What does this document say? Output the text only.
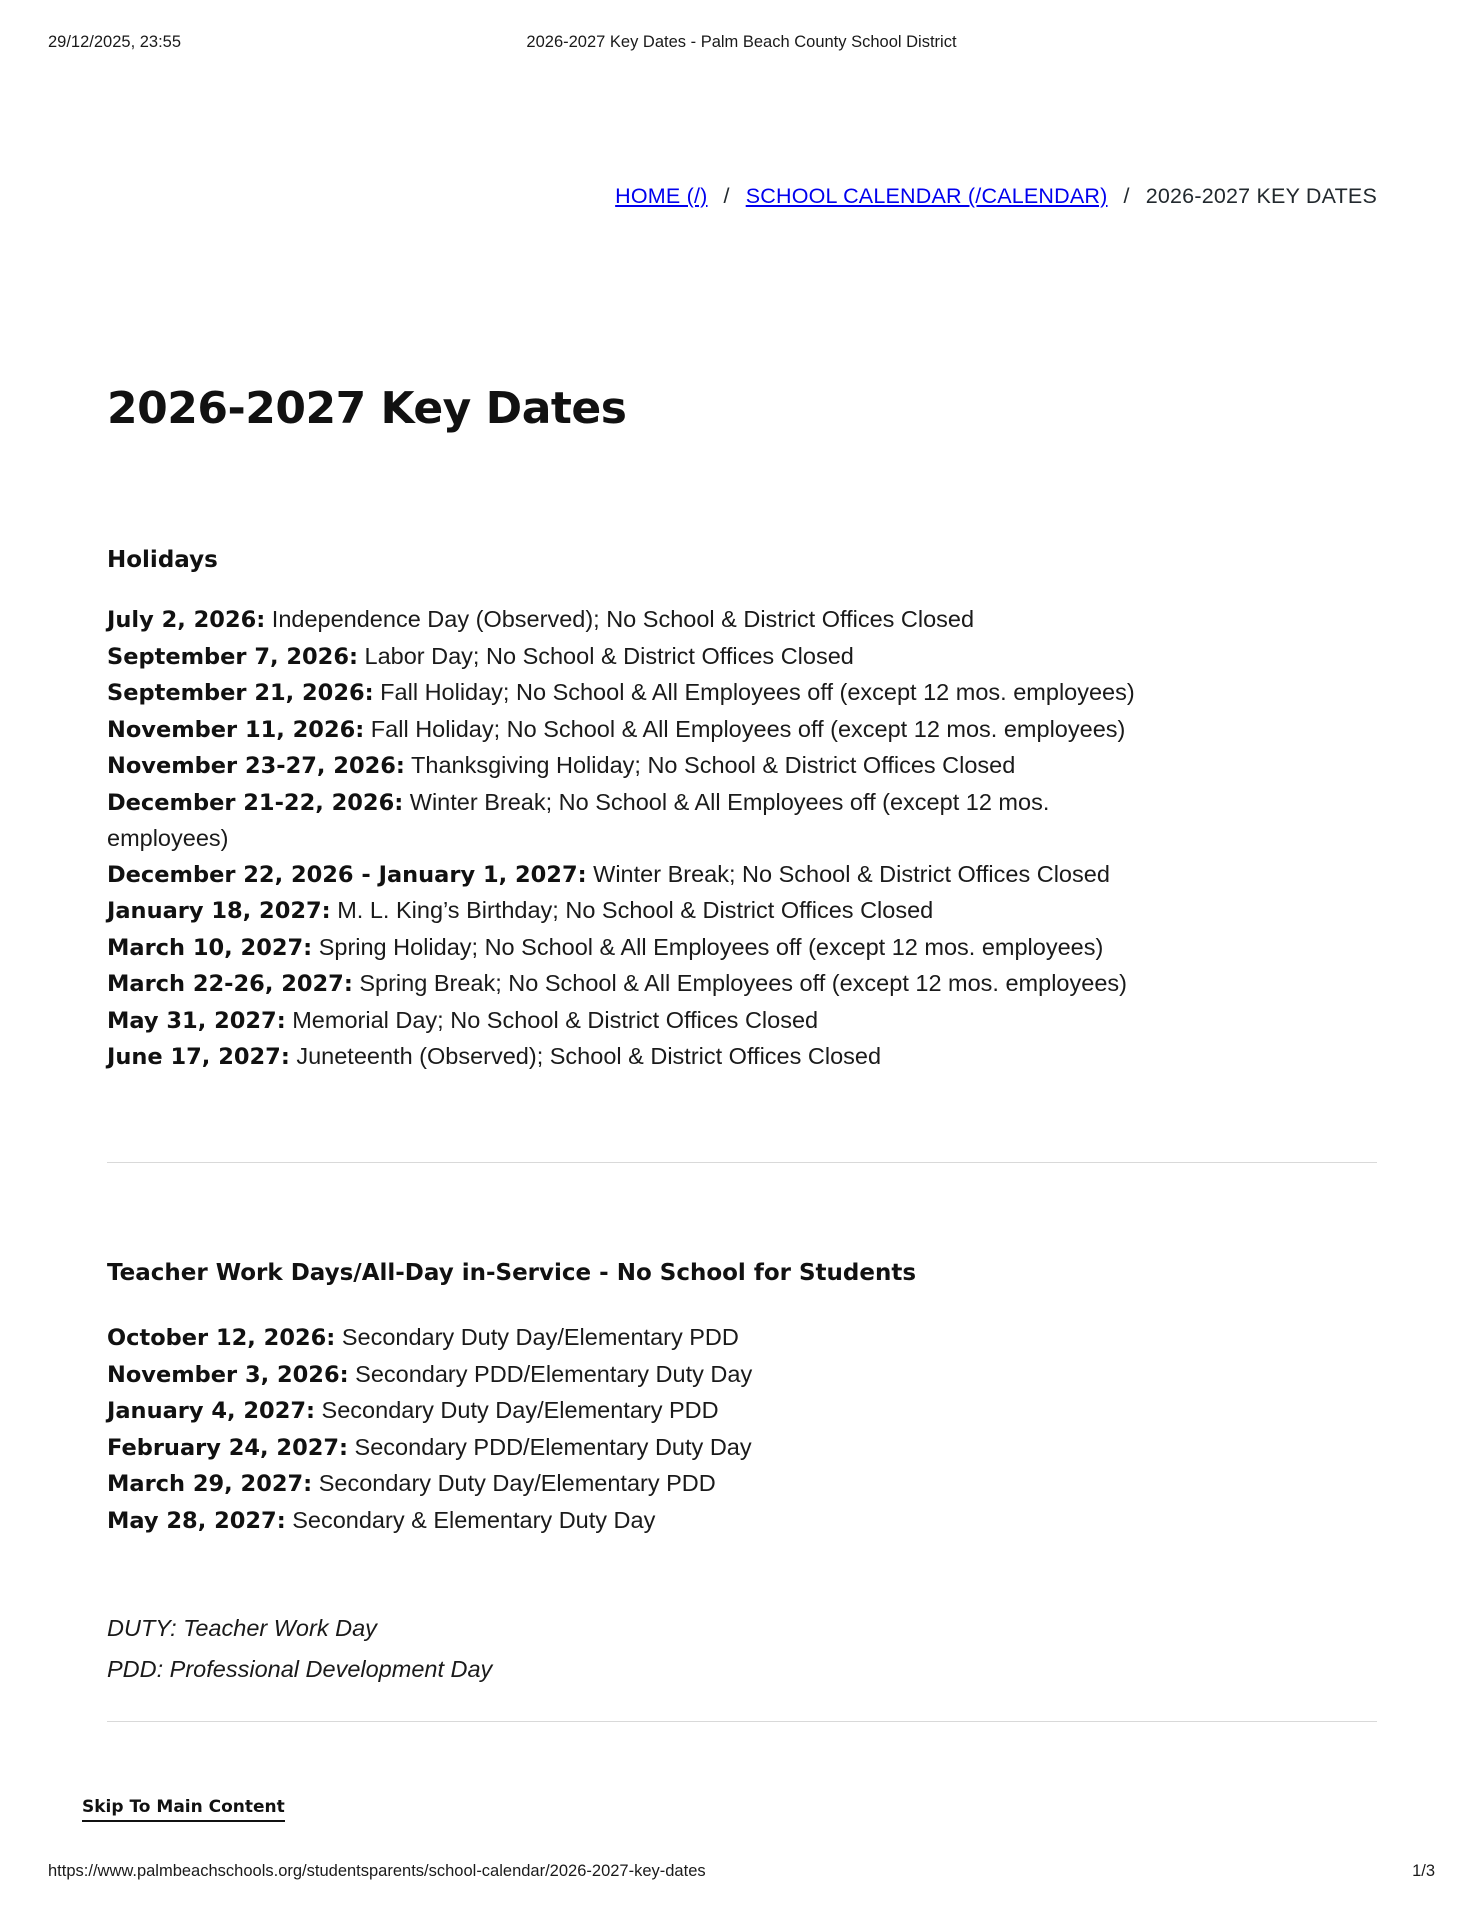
29/12/2025, 23:55	2026-2027 Key Dates - Palm Beach County School District
HOME (/) / SCHOOL CALENDAR (/CALENDAR) / 2026-2027 KEY DATES
2026-2027 Key Dates
Holidays
July 2, 2026: Independence Day (Observed); No School & District Offices Closed
September 7, 2026: Labor Day; No School & District Offices Closed
September 21, 2026: Fall Holiday; No School & All Employees off (except 12 mos. employees)
November 11, 2026: Fall Holiday; No School & All Employees off (except 12 mos. employees)
November 23-27, 2026: Thanksgiving Holiday; No School & District Offices Closed
December 21-22, 2026: Winter Break; No School & All Employees off (except 12 mos. employees)
December 22, 2026 - January 1, 2027: Winter Break; No School & District Offices Closed
January 18, 2027: M. L. King’s Birthday; No School & District Offices Closed
March 10, 2027: Spring Holiday; No School & All Employees off (except 12 mos. employees)
March 22-26, 2027: Spring Break; No School & All Employees off (except 12 mos. employees)
May 31, 2027: Memorial Day; No School & District Offices Closed
June 17, 2027: Juneteenth (Observed); School & District Offices Closed
Teacher Work Days/All-Day in-Service - No School for Students
October 12, 2026: Secondary Duty Day/Elementary PDD
November 3, 2026: Secondary PDD/Elementary Duty Day
January 4, 2027: Secondary Duty Day/Elementary PDD
February 24, 2027: Secondary PDD/Elementary Duty Day
March 29, 2027: Secondary Duty Day/Elementary PDD
May 28, 2027: Secondary & Elementary Duty Day
DUTY: Teacher Work Day
PDD: Professional Development Day
Skip To Main Content
https://www.palmbeachschools.org/studentsparents/school-calendar/2026-2027-key-dates	1/3
